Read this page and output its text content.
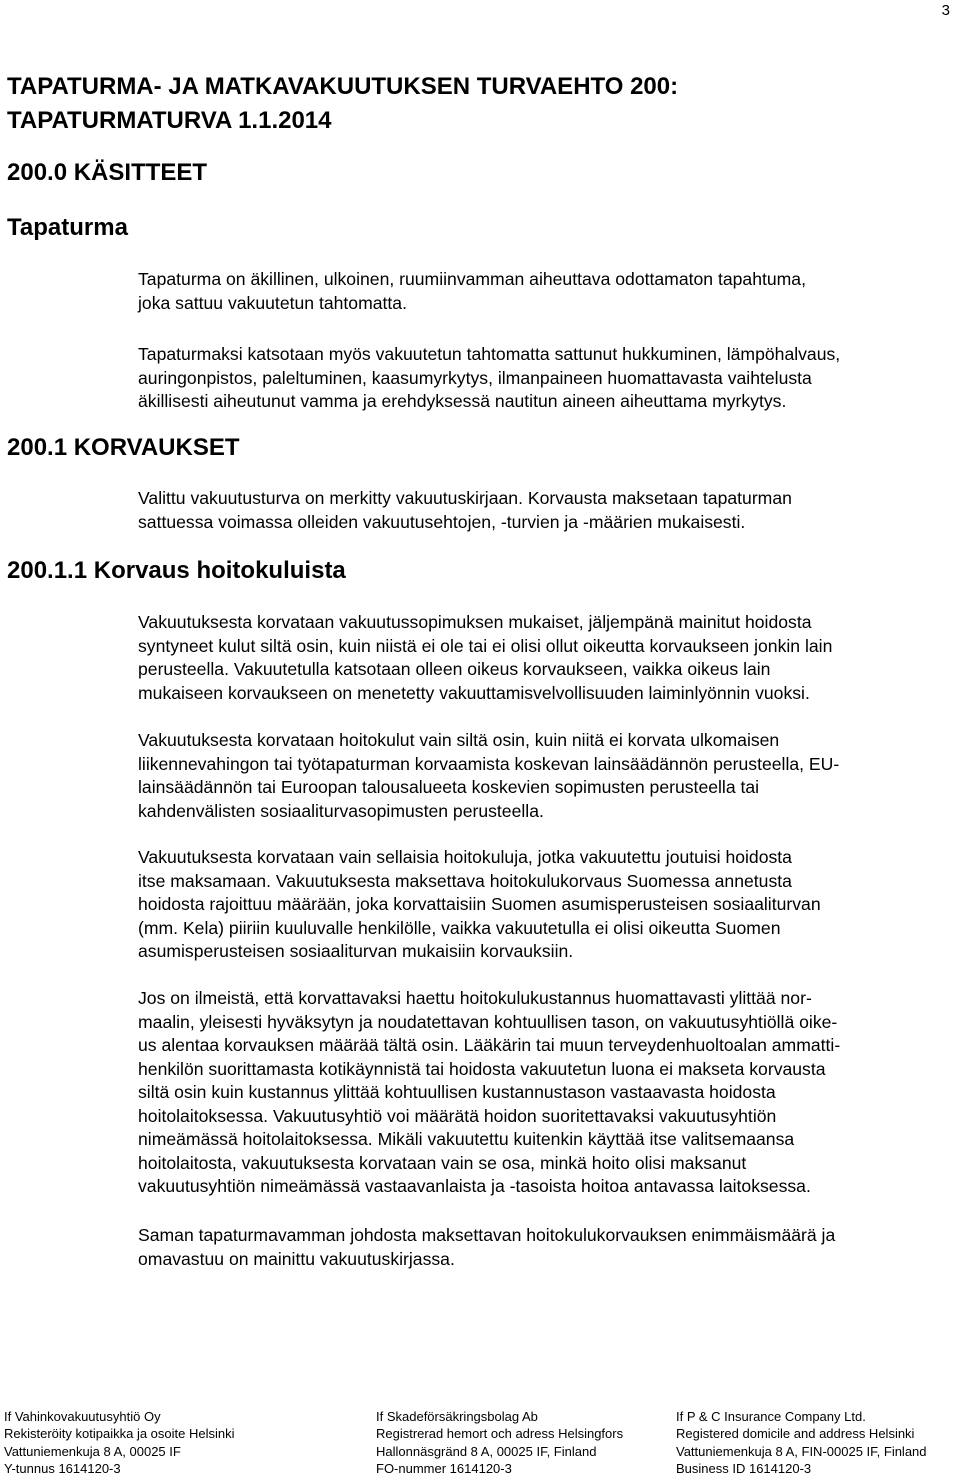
3
TAPATURMA- JA MATKAVAKUUTUKSEN TURVAEHTO 200:
TAPATURMATURVA 1.1.2014
200.0 KÄSITTEET
Tapaturma

Tapaturma on äkillinen, ulkoinen, ruumiinvamman aiheuttava odottamaton tapahtuma,
joka sattuu vakuutetun tahtomatta.

Tapaturmaksi katsotaan myös vakuutetun tahtomatta sattunut hukkuminen, lämpöhalvaus,
auringonpistos, paleltuminen, kaasumyrkytys, ilmanpaineen huomattavasta vaihtelusta
äkillisesti aiheutunut vamma ja erehdyksessä nautitun aineen aiheuttama myrkytys.

200.1 KORVAUKSET

Valittu vakuutusturva on merkitty vakuutuskirjaan. Korvausta maksetaan tapaturman
sattuessa voimassa olleiden vakuutusehtojen, -turvien ja -määrien mukaisesti.

200.1.1 Korvaus hoitokuluista

Vakuutuksesta korvataan vakuutussopimuksen mukaiset, jäljempänä mainitut hoidosta
syntyneet kulut siltä osin, kuin niistä ei ole tai ei olisi ollut oikeutta korvaukseen jonkin lain
perusteella. Vakuutetulla katsotaan olleen oikeus korvaukseen, vaikka oikeus lain
mukaiseen korvaukseen on menetetty vakuuttamisvelvollisuuden laiminlyönnin vuoksi.

Vakuutuksesta korvataan hoitokulut vain siltä osin, kuin niitä ei korvata ulkomaisen
liikennevahingon tai työtapaturman korvaamista koskevan lainsäädännön perusteella, EU-
lainsäädännön tai Euroopan talousalueeta koskevien sopimusten perusteella tai
kahdenvälisten sosiaaliturvasopimusten perusteella.

Vakuutuksesta korvataan vain sellaisia hoitokuluja, jotka vakuutettu joutuisi hoidosta
itse maksamaan. Vakuutuksesta maksettava hoitokulukorvaus Suomessa annetusta
hoidosta rajoittuu määrään, joka korvattaisiin Suomen asumisperusteisen sosiaaliturvan
(mm. Kela) piiriin kuuluvalle henkilölle, vaikka vakuutetulla ei olisi oikeutta Suomen
asumisperusteisen sosiaaliturvan mukaisiin korvauksiin.

Jos on ilmeistä, että korvattavaksi haettu hoitokulukustannus huomattavasti ylittää nor-
maalin, yleisesti hyväksytyn ja noudatettavan kohtuullisen tason, on vakuutusyhtiöllä oike-
us alentaa korvauksen määrää tältä osin. Lääkärin tai muun terveydenhuoltoalan ammatti-
henkilön suorittamasta kotikäynnistä tai hoidosta vakuutetun luona ei makseta korvausta
siltä osin kuin kustannus ylittää kohtuullisen kustannustason vastaavasta hoidosta
hoitolaitoksessa. Vakuutusyhtiö voi määrätä hoidon suoritettavaksi vakuutusyhtiön
nimeämässä hoitolaitoksessa. Mikäli vakuutettu kuitenkin käyttää itse valitsemaansa
hoitolaitosta, vakuutuksesta korvataan vain se osa, minkä hoito olisi maksanut
vakuutusyhtiön nimeämässä vastaavanlaista ja -tasoista hoitoa antavassa laitoksessa.

Saman tapaturmavamman johdosta maksettavan hoitokulukorvauksen enimmäismäärä ja
omavastuu on mainittu vakuutuskirjassa.

If Vahinkovakuutusyhtiö Oy
Rekisteröity kotipaikka ja osoite Helsinki
Vattuniemenkuja 8 A, 00025 IF
Y-tunnus 1614120-3
If Skadeförsäkringsbolag Ab
Registrerad hemort och adress Helsingfors
Hallonnäsgränd 8 A, 00025 IF, Finland
FO-nummer 1614120-3
If P & C Insurance Company Ltd.
Registered domicile and address Helsinki
Vattuniemenkuja 8 A, FIN-00025 IF, Finland
Business ID 1614120-3
